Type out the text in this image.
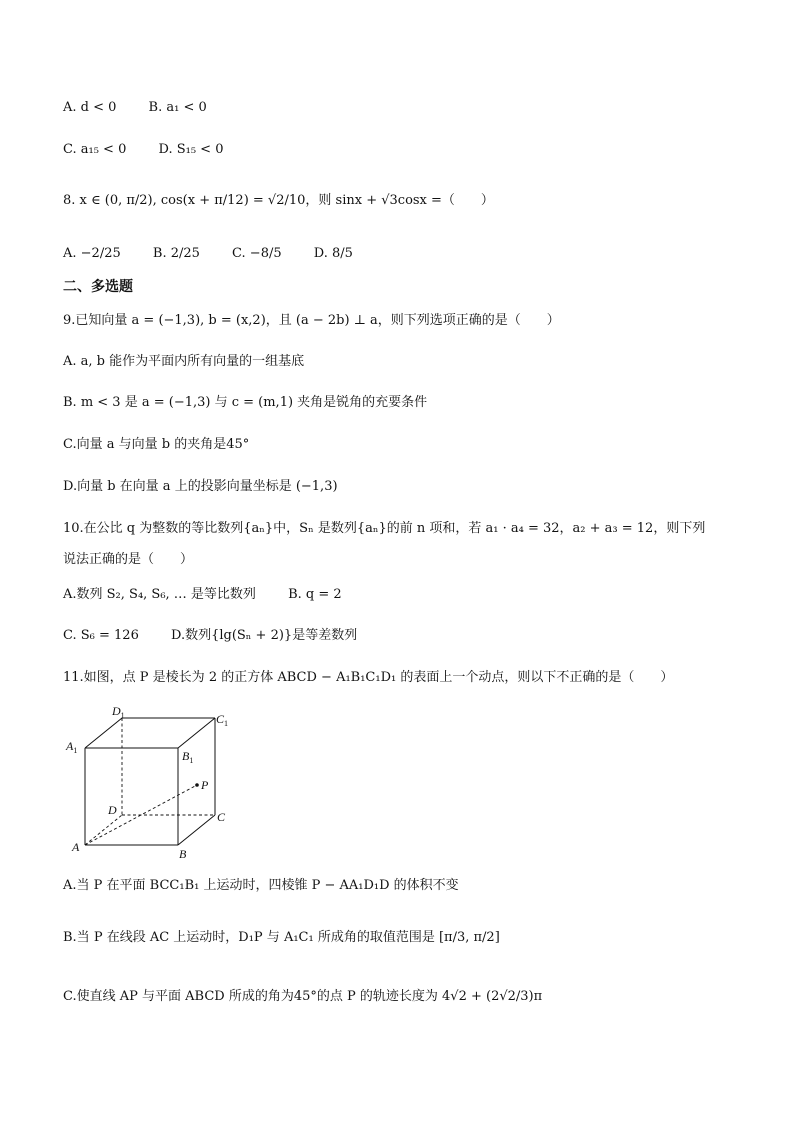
A. d < 0 B. a₁ < 0
C. a₁₅ < 0 D. S₁₅ < 0
8. x ∈ (0, π/2), cos(x + π/12) = √2/10，则 sinx + √3cosx =（　　）
A. −2/25 B. 2/25 C. −8/5 D. 8/5
二、多选题
9.已知向量 a = (−1,3), b = (x,2)，且 (a − 2b) ⊥ a，则下列选项正确的是（　　）
A. a, b 能作为平面内所有向量的一组基底
B. m < 3 是 a = (−1,3) 与 c = (m,1) 夹角是锐角的充要条件
C.向量 a 与向量 b 的夹角是45°
D.向量 b 在向量 a 上的投影向量坐标是 (−1,3)
10.在公比 q 为整数的等比数列{aₙ}中，Sₙ 是数列{aₙ}的前 n 项和，若 a₁ · a₄ = 32，a₂ + a₃ = 12，则下列
说法正确的是（　　）
A.数列 S₂, S₄, S₆, … 是等比数列 B. q = 2
C. S₆ = 126 D.数列{lg(Sₙ + 2)}是等差数列
11.如图，点 P 是棱长为 2 的正方体 ABCD − A₁B₁C₁D₁ 的表面上一个动点，则以下不正确的是（　　）
$D_1$	$C_1$
$A_1$	$B_1$
P
D	C
A	B
A.当 P 在平面 BCC₁B₁ 上运动时，四棱锥 P − AA₁D₁D 的体积不变
B.当 P 在线段 AC 上运动时，D₁P 与 A₁C₁ 所成角的取值范围是 [π/3, π/2]
C.使直线 AP 与平面 ABCD 所成的角为45°的点 P 的轨迹长度为 4√2 + (2√2/3)π
